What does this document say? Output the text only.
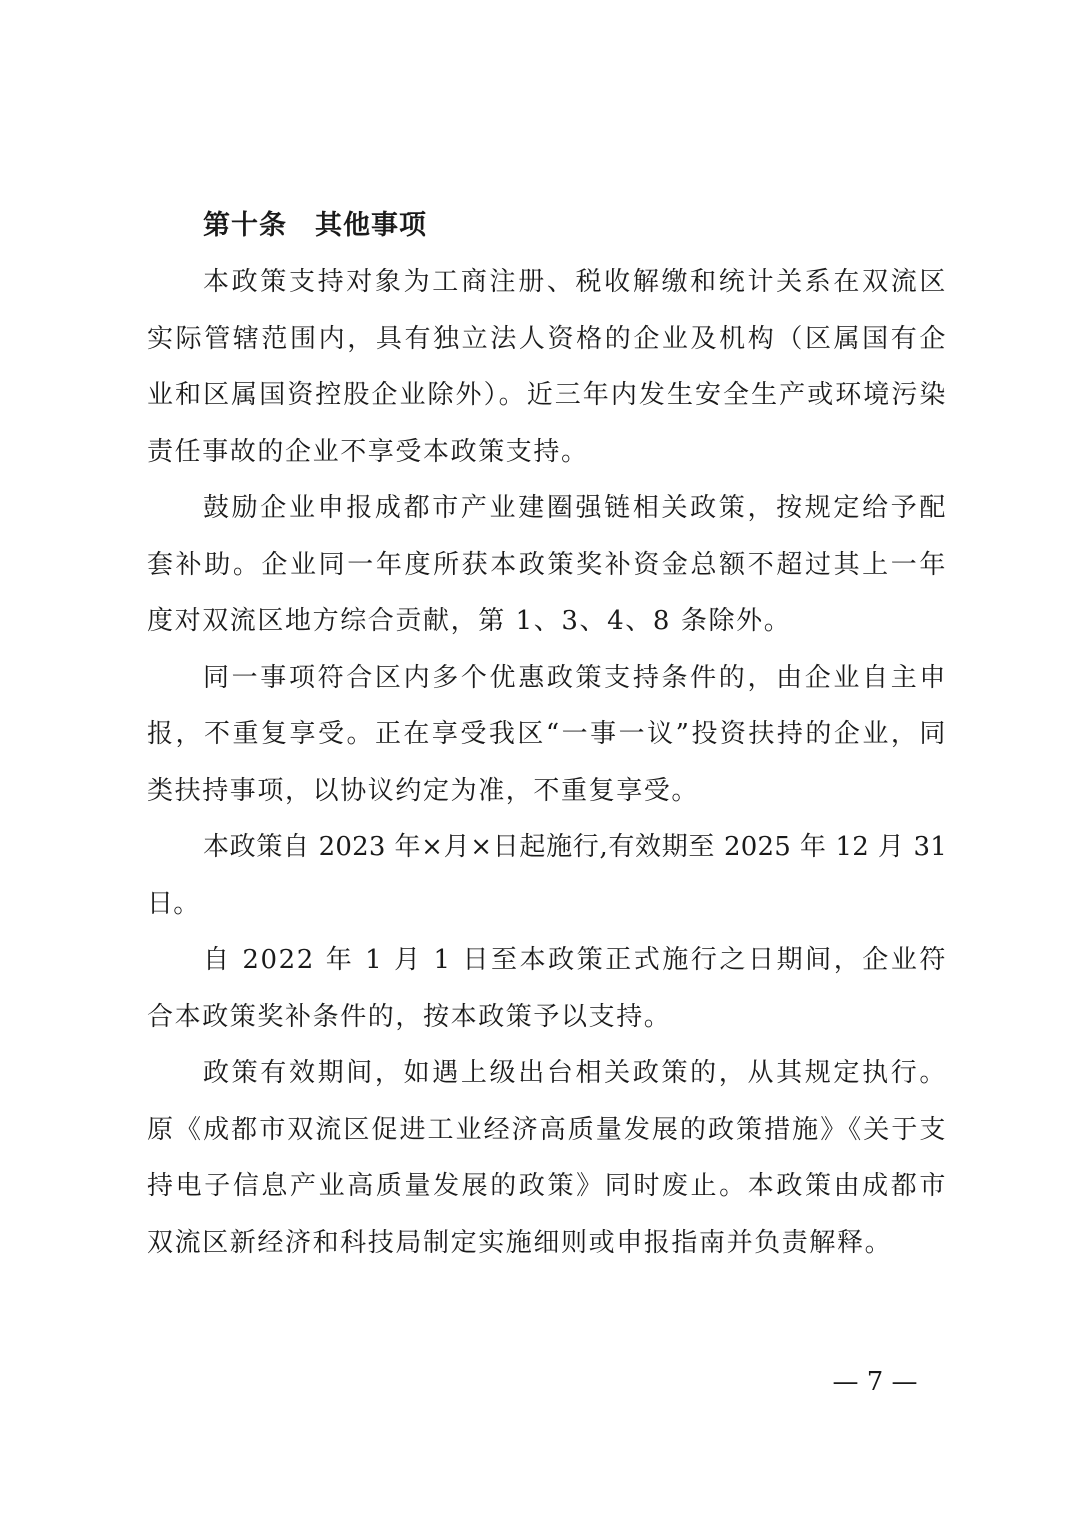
第十条　其他事项

本政策支持对象为工商注册、税收解缴和统计关系在双流区实际管辖范围内，具有独立法人资格的企业及机构（区属国有企业和区属国资控股企业除外）。近三年内发生安全生产或环境污染责任事故的企业不享受本政策支持。

鼓励企业申报成都市产业建圈强链相关政策，按规定给予配套补助。企业同一年度所获本政策奖补资金总额不超过其上一年度对双流区地方综合贡献，第 1、3、4、8 条除外。

同一事项符合区内多个优惠政策支持条件的，由企业自主申报，不重复享受。正在享受我区“一事一议”投资扶持的企业，同类扶持事项，以协议约定为准，不重复享受。

本政策自 2023 年×月×日起施行,有效期至 2025 年 12 月 31 日。

自 2022 年 1 月 1 日至本政策正式施行之日期间，企业符合本政策奖补条件的，按本政策予以支持。

政策有效期间，如遇上级出台相关政策的，从其规定执行。原《成都市双流区促进工业经济高质量发展的政策措施》《关于支持电子信息产业高质量发展的政策》同时废止。本政策由成都市双流区新经济和科技局制定实施细则或申报指南并负责解释。

— 7 —
